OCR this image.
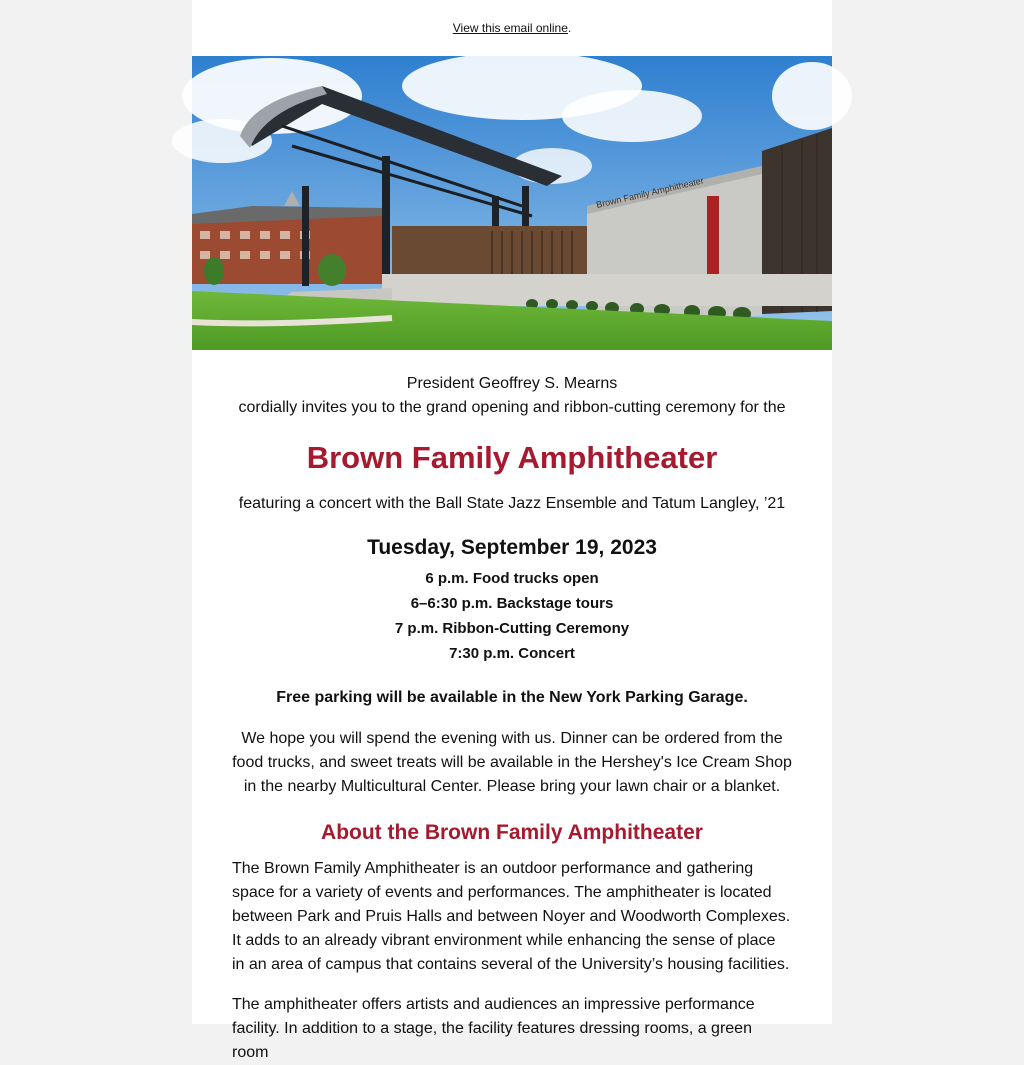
View this email online .
Brown Family Amphitheater
President Geoffrey S. Mearns
cordially invites you to the grand opening and ribbon-cutting ceremony for the
Brown Family Amphitheater
featuring a concert with the Ball State Jazz Ensemble and Tatum Langley, ’21
Tuesday, September 19, 2023
6 p.m. Food trucks open
6–6:30 p.m. Backstage tours
7 p.m. Ribbon-Cutting Ceremony
7:30 p.m. Concert
Free parking will be available in the New York Parking Garage.
We hope you will spend the evening with us. Dinner can be ordered from the food trucks, and sweet treats will be available in the Hershey's Ice Cream Shop in the nearby Multicultural Center. Please bring your lawn chair or a blanket.
About the Brown Family Amphitheater
The Brown Family Amphitheater is an outdoor performance and gathering space for a variety of events and performances. The amphitheater is located between Park and Pruis Halls and between Noyer and Woodworth Complexes. It adds to an already vibrant environment while enhancing the sense of place in an area of campus that contains several of the University’s housing facilities.
The amphitheater offers artists and audiences an impressive performance facility. In addition to a stage, the facility features dressing rooms, a green room
